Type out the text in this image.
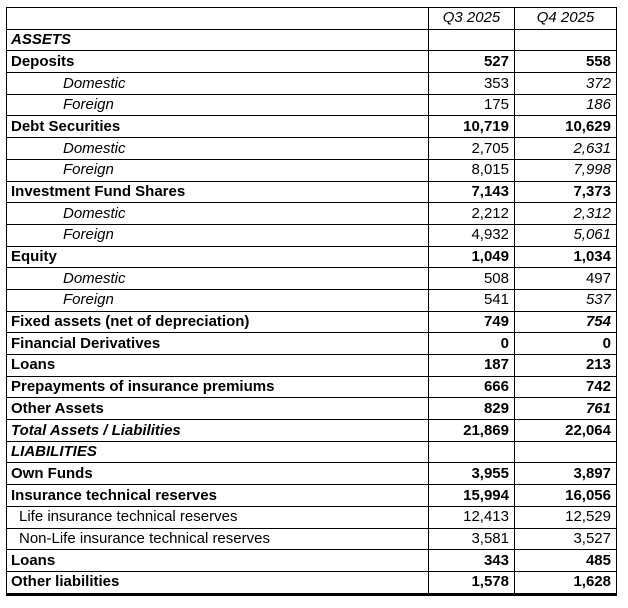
	Q3 2025	Q4 2025
ASSETS		
Deposits	527	558
Domestic	353	372
Foreign	175	186
Debt Securities	10,719	10,629
Domestic	2,705	2,631
Foreign	8,015	7,998
Investment Fund Shares	7,143	7,373
Domestic	2,212	2,312
Foreign	4,932	5,061
Equity	1,049	1,034
Domestic	508	497
Foreign	541	537
Fixed assets (net of depreciation)	749	754
Financial Derivatives	0	0
Loans	187	213
Prepayments of insurance premiums	666	742
Other Assets	829	761
Total Assets / Liabilities	21,869	22,064
LIABILITIES		
Own Funds	3,955	3,897
Insurance technical reserves	15,994	16,056
Life insurance technical reserves	12,413	12,529
Non-Life insurance technical reserves	3,581	3,527
Loans	343	485
Other liabilities	1,578	1,628
